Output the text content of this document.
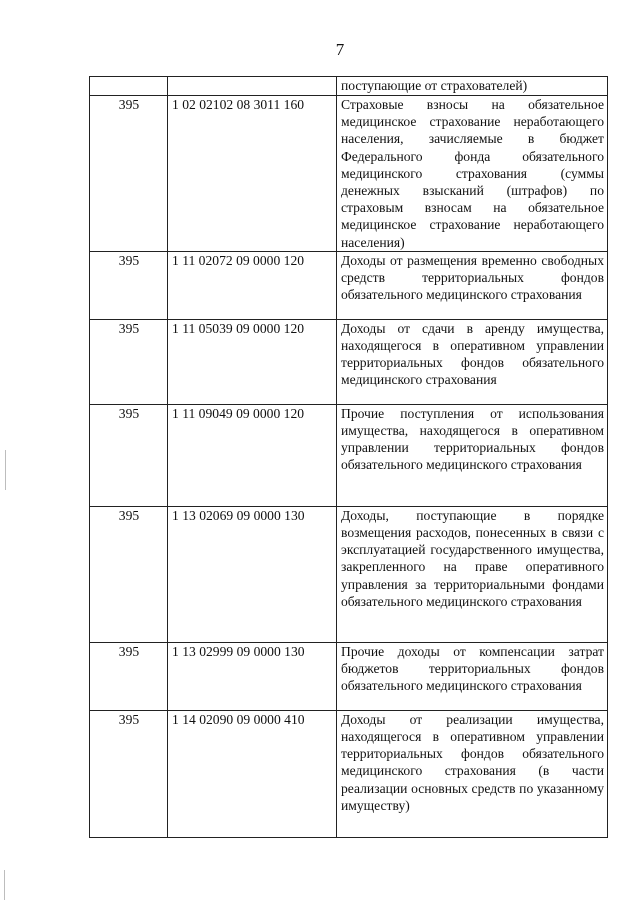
7
		поступающие от страхователей)
395	1 02 02102 08 3011 160	Страховые взносы на обязательное медицинское страхование неработающего населения, зачисляемые в бюджет Федерального фонда обязательного медицинского страхования (суммы денежных взысканий (штрафов) по страховым взносам на обязательное медицинское страхование неработающего населения)
395	1 11 02072 09 0000 120	Доходы от размещения временно свободных средств территориальных фондов обязательного медицинского страхования
395	1 11 05039 09 0000 120	Доходы от сдачи в аренду имущества, находящегося в оперативном управлении территориальных фондов обязательного медицинского страхования
395	1 11 09049 09 0000 120	Прочие поступления от использования имущества, находящегося в оперативном управлении территориальных фондов обязательного медицинского страхования
395	1 13 02069 09 0000 130	Доходы, поступающие в порядке возмещения расходов, понесенных в связи с эксплуатацией государственного имущества, закрепленного на праве оперативного управления за территориальными фондами обязательного медицинского страхования
395	1 13 02999 09 0000 130	Прочие доходы от компенсации затрат бюджетов территориальных фондов обязательного медицинского страхования
395	1 14 02090 09 0000 410	Доходы от реализации имущества, находящегося в оперативном управлении территориальных фондов обязательного медицинского страхования (в части реализации основных средств по указанному имуществу)
